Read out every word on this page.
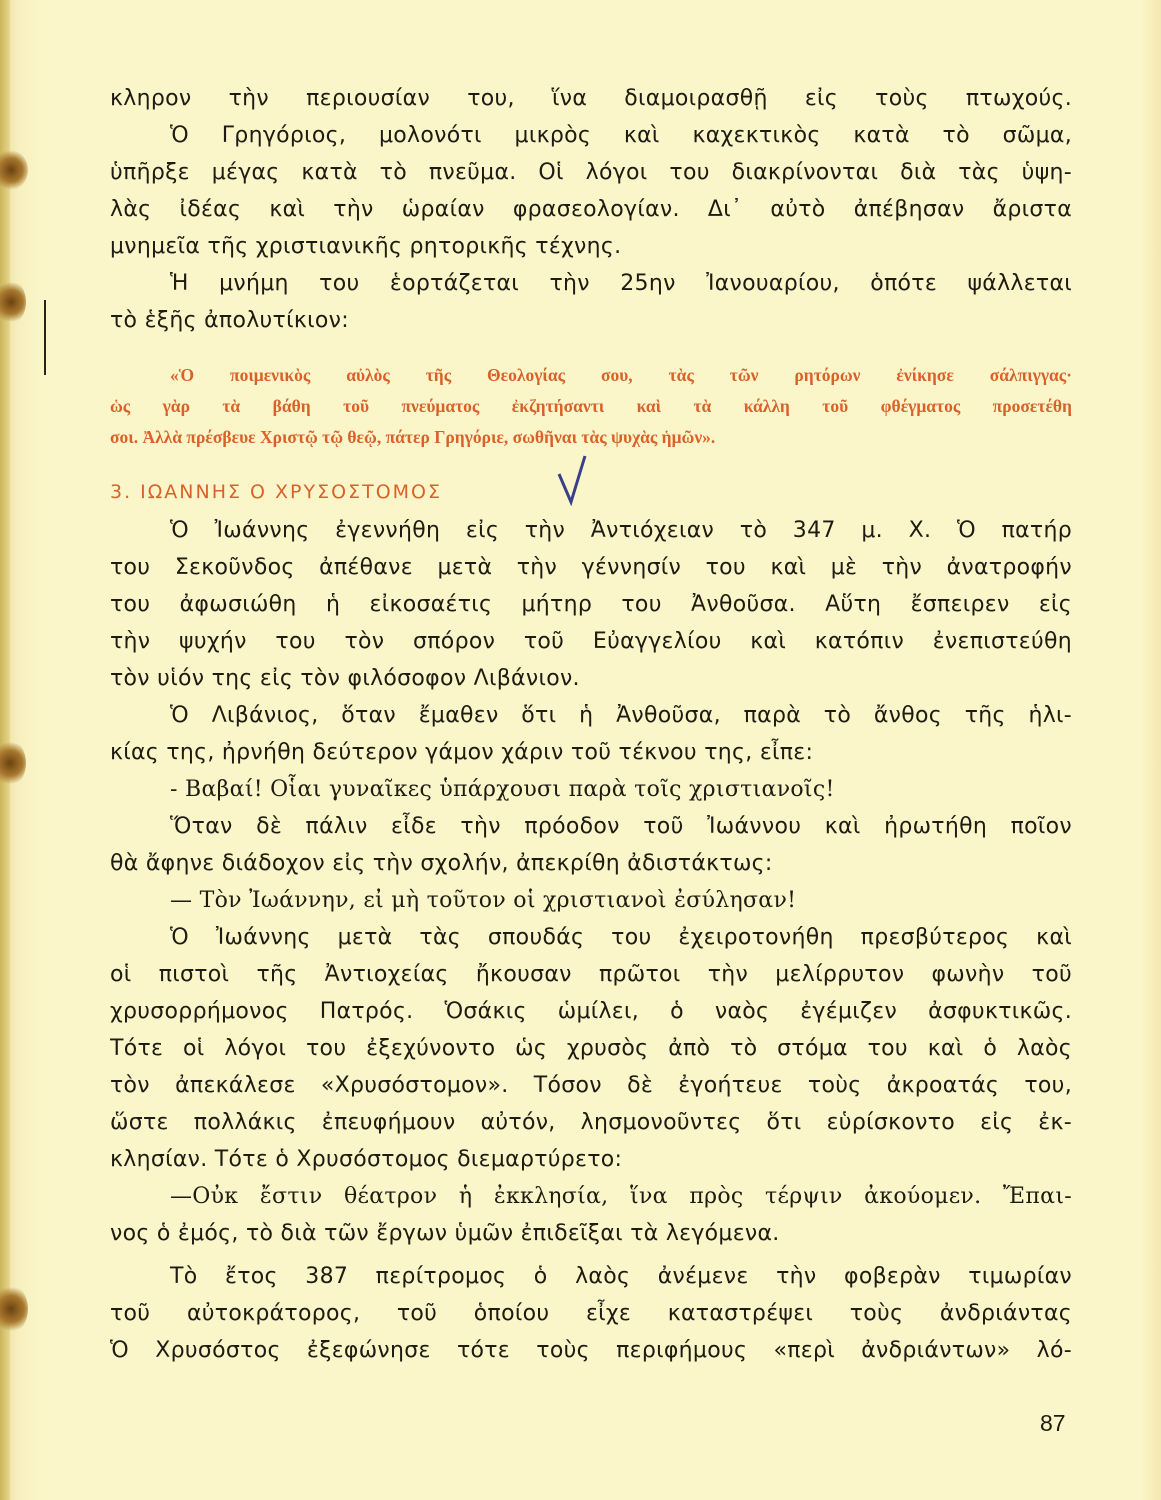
κληρον τὴν περιουσίαν του, ἵνα διαμοιρασθῇ εἰς τοὺς πτωχούς.
Ὁ Γρηγόριος, μολονότι μικρὸς καὶ καχεκτικὸς κατὰ τὸ σῶμα,
ὑπῆρξε μέγας κατὰ τὸ πνεῦμα. Οἱ λόγοι του διακρίνονται διὰ τὰς ὑψη-
λὰς ἰδέας καὶ τὴν ὡραίαν φρασεολογίαν. Δι᾽ αὐτὸ ἀπέβησαν ἄριστα
μνημεῖα τῆς χριστιανικῆς ρητορικῆς τέχνης.
Ἡ μνήμη του ἑορτάζεται τὴν 25ην Ἰανουαρίου, ὁπότε ψάλλεται
τὸ ἑξῆς ἀπολυτίκιον:
«Ὁ ποιμενικὸς αὐλὸς τῆς Θεολογίας σου, τὰς τῶν ρητόρων ἐνίκησε σάλπιγγας·
ὡς γὰρ τὰ βάθη τοῦ πνεύματος ἐκζητήσαντι καὶ τὰ κάλλη τοῦ φθέγματος προσετέθη
σοι. Ἀλλὰ πρέσβευε Χριστῷ τῷ θεῷ, πάτερ Γρηγόριε, σωθῆναι τὰς ψυχὰς ἡμῶν».
3. ΙΩΑΝΝΗΣ Ο ΧΡΥΣΟΣΤΟΜΟΣ
Ὁ Ἰωάννης ἐγεννήθη εἰς τὴν Ἀντιόχειαν τὸ 347 μ. Χ. Ὁ πατήρ
του Σεκοῦνδος ἀπέθανε μετὰ τὴν γέννησίν του καὶ μὲ τὴν ἀνατροφήν
του ἀφωσιώθη ἡ εἰκοσαέτις μήτηρ του Ἀνθοῦσα. Αὕτη ἔσπειρεν εἰς
τὴν ψυχήν του τὸν σπόρον τοῦ Εὐαγγελίου καὶ κατόπιν ἐνεπιστεύθη
τὸν υἱόν της εἰς τὸν φιλόσοφον Λιβάνιον.
Ὁ Λιβάνιος, ὅταν ἔμαθεν ὅτι ἡ Ἀνθοῦσα, παρὰ τὸ ἄνθος τῆς ἡλι-
κίας της, ἠρνήθη δεύτερον γάμον χάριν τοῦ τέκνου της, εἶπε:
- Βαβαί! Οἷαι γυναῖκες ὑπάρχουσι παρὰ τοῖς χριστιανοῖς!
Ὅταν δὲ πάλιν εἶδε τὴν πρόοδον τοῦ Ἰωάννου καὶ ἠρωτήθη ποῖον
θὰ ἄφηνε διάδοχον εἰς τὴν σχολήν, ἀπεκρίθη ἀδιστάκτως:
— Τὸν Ἰωάννην, εἰ μὴ τοῦτον οἱ χριστιανοὶ ἐσύλησαν!
Ὁ Ἰωάννης μετὰ τὰς σπουδάς του ἐχειροτονήθη πρεσβύτερος καὶ
οἱ πιστοὶ τῆς Ἀντιοχείας ἤκουσαν πρῶτοι τὴν μελίρρυτον φωνὴν τοῦ
χρυσορρήμονος Πατρός. Ὁσάκις ὡμίλει, ὁ ναὸς ἐγέμιζεν ἀσφυκτικῶς.
Τότε οἱ λόγοι του ἐξεχύνοντο ὡς χρυσὸς ἀπὸ τὸ στόμα του καὶ ὁ λαὸς
τὸν ἀπεκάλεσε «Χρυσόστομον». Τόσον δὲ ἐγοήτευε τοὺς ἀκροατάς του,
ὥστε πολλάκις ἐπευφήμουν αὐτόν, λησμονοῦντες ὅτι εὑρίσκοντο εἰς ἐκ-
κλησίαν. Τότε ὁ Χρυσόστομος διεμαρτύρετο:
—Οὐκ ἔστιν θέατρον ἡ ἐκκλησία, ἵνα πρὸς τέρψιν ἀκούομεν. Ἔπαι-
νος ὁ ἐμός, τὸ διὰ τῶν ἔργων ὑμῶν ἐπιδεῖξαι τὰ λεγόμενα.
Τὸ ἔτος 387 περίτρομος ὁ λαὸς ἀνέμενε τὴν φοβερὰν τιμωρίαν
τοῦ αὐτοκράτορος, τοῦ ὁποίου εἶχε καταστρέψει τοὺς ἀνδριάντας
Ὁ Χρυσόστος ἐξεφώνησε τότε τοὺς περιφήμους «περὶ ἀνδριάντων» λό-
87
